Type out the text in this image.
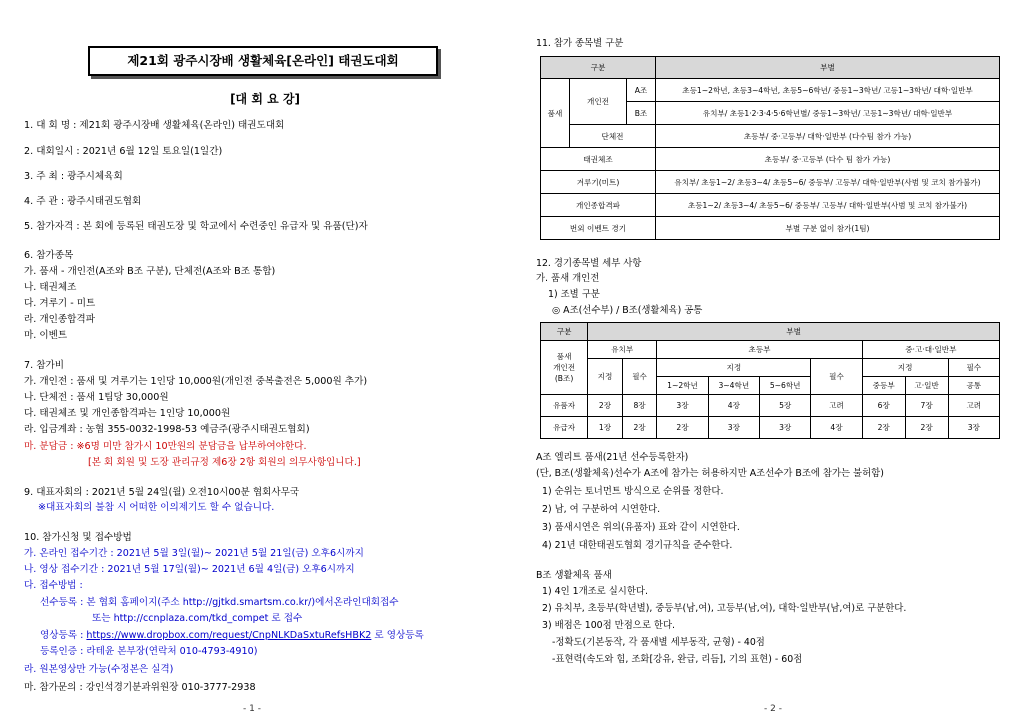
제21회 광주시장배 생활체육[온라인] 태권도대회
[대 회 요 강]
1. 대 회 명 : 제21회 광주시장배 생활체육(온라인) 태권도대회
2. 대회일시 : 2021년 6월 12일 토요일(1일간)
3. 주 최 : 광주시체육회
4. 주 관 : 광주시태권도협회
5. 참가자격 : 본 회에 등록된 태권도장 및 학교에서 수련중인 유급자 및 유품(단)자
6. 참가종목
가. 품새 - 개인전(A조와 B조 구분), 단체전(A조와 B조 통합)
나. 태권체조
다. 겨루기 - 미트
라. 개인종합격파
마. 이벤트
7. 참가비
가. 개인전 : 품새 및 겨루기는 1인당 10,000원(개인전 중복출전은 5,000원 추가)
나. 단체전 : 품새 1팀당 30,000원
다. 태권체조 및 개인종합격파는 1인당 10,000원
라. 입금계좌 : 농협 355-0032-1998-53 예금주(광주시태권도협회)
마. 분담금 : ※6명 미만 참가시 10만원의 분담금을 납부하여야한다.
[본 회 회원 및 도장 관리규정 제6장 2항 회원의 의무사항입니다.]
9. 대표자회의 : 2021년 5월 24일(월) 오전10시00분 협회사무국
※대표자회의 불참 시 어떠한 이의제기도 할 수 없습니다.
10. 참가신청 및 접수방법
가. 온라인 접수기간 : 2021년 5월 3일(월)~ 2021년 5월 21일(금) 오후6시까지
나. 영상 접수기간 : 2021년 5월 17일(월)~ 2021년 6월 4일(금) 오후6시까지
다. 접수방법 :
선수등록 : 본 협회 홈페이지(주소 http://gjtkd.smartsm.co.kr/)에서온라인대회접수
또는 http://ccnplaza.com/tkd_compet 로 접수
영상등록 : https://www.dropbox.com/request/CnpNLKDaSxtuRefsHBK2 로 영상등록
등록인증 : 라테윤 본부장(연락처 010-4793-4910)
라. 원본영상만 가능(수정본은 실격)
마. 참가문의 : 강인석경기분과위원장 010-3777-2938
- 1 -
11. 참가 종목별 구분
구분			부별
품새	개인전	A조	초등1~2학년, 초등3~4학년, 초등5~6학년/ 중등1~3학년/ 고등1~3학년/ 대학·일반부
		B조	유치부/ 초등1·2·3·4·5·6학년별/ 중등1~3학년/ 고등1~3학년/ 대학·일반부
	단체전		초등부/ 중·고등부/ 대학·일반부 (다수팀 참가 가능)
태권체조			초등부/ 중·고등부 (다수 팀 참가 가능)
겨루기(미트)			유치부/ 초등1~2/ 초등3~4/ 초등5~6/ 중등부/ 고등부/ 대학·일반부(사범 및 코치 참가불가)
개인종합격파			초등1~2/ 초등3~4/ 초등5~6/ 중등부/ 고등부/ 대학·일반부(사범 및 코치 참가불가)
번외 이벤트 경기			부별 구분 없이 참가(1팀)
12. 경기종목별 세부 사항
가. 품새 개인전
1) 조별 구분
◎ A조(선수부) / B조(생활체육) 공통
구분	부별								
품새
개인전
(B조)	유치부		초등부				중·고·대·일반부		
	지정	필수	지정			필수	지정		필수
			1~2학년	3~4학년	5~6학년		중등부	고·일반	공통
유품자	2장	8장	3장	4장	5장	고려	6장	7장	고려
유급자	1장	2장	2장	3장	3장	4장	2장	2장	3장
A조 엘리트 품새(21년 선수등록한자)
(단, B조(생활체육)선수가 A조에 참가는 허용하지만 A조선수가 B조에 참가는 불허함)
1) 순위는 토너먼트 방식으로 순위를 정한다.
2) 남, 여 구분하여 시연한다.
3) 품새시연은 위의(유품자) 표와 같이 시연한다.
4) 21년 대한태권도협회 경기규칙을 준수한다.
B조 생활체육 품새
1) 4인 1개조로 실시한다.
2) 유치부, 초등부(학년별), 중등부(남,여), 고등부(남,여), 대학·일반부(남,여)로 구분한다.
3) 배점은 100점 만점으로 한다.
-정확도(기본동작, 각 품새별 세부동작, 균형) - 40점
-표현력(속도와 힘, 조화[강유, 완급, 리듬], 기의 표현) - 60점
- 2 -
